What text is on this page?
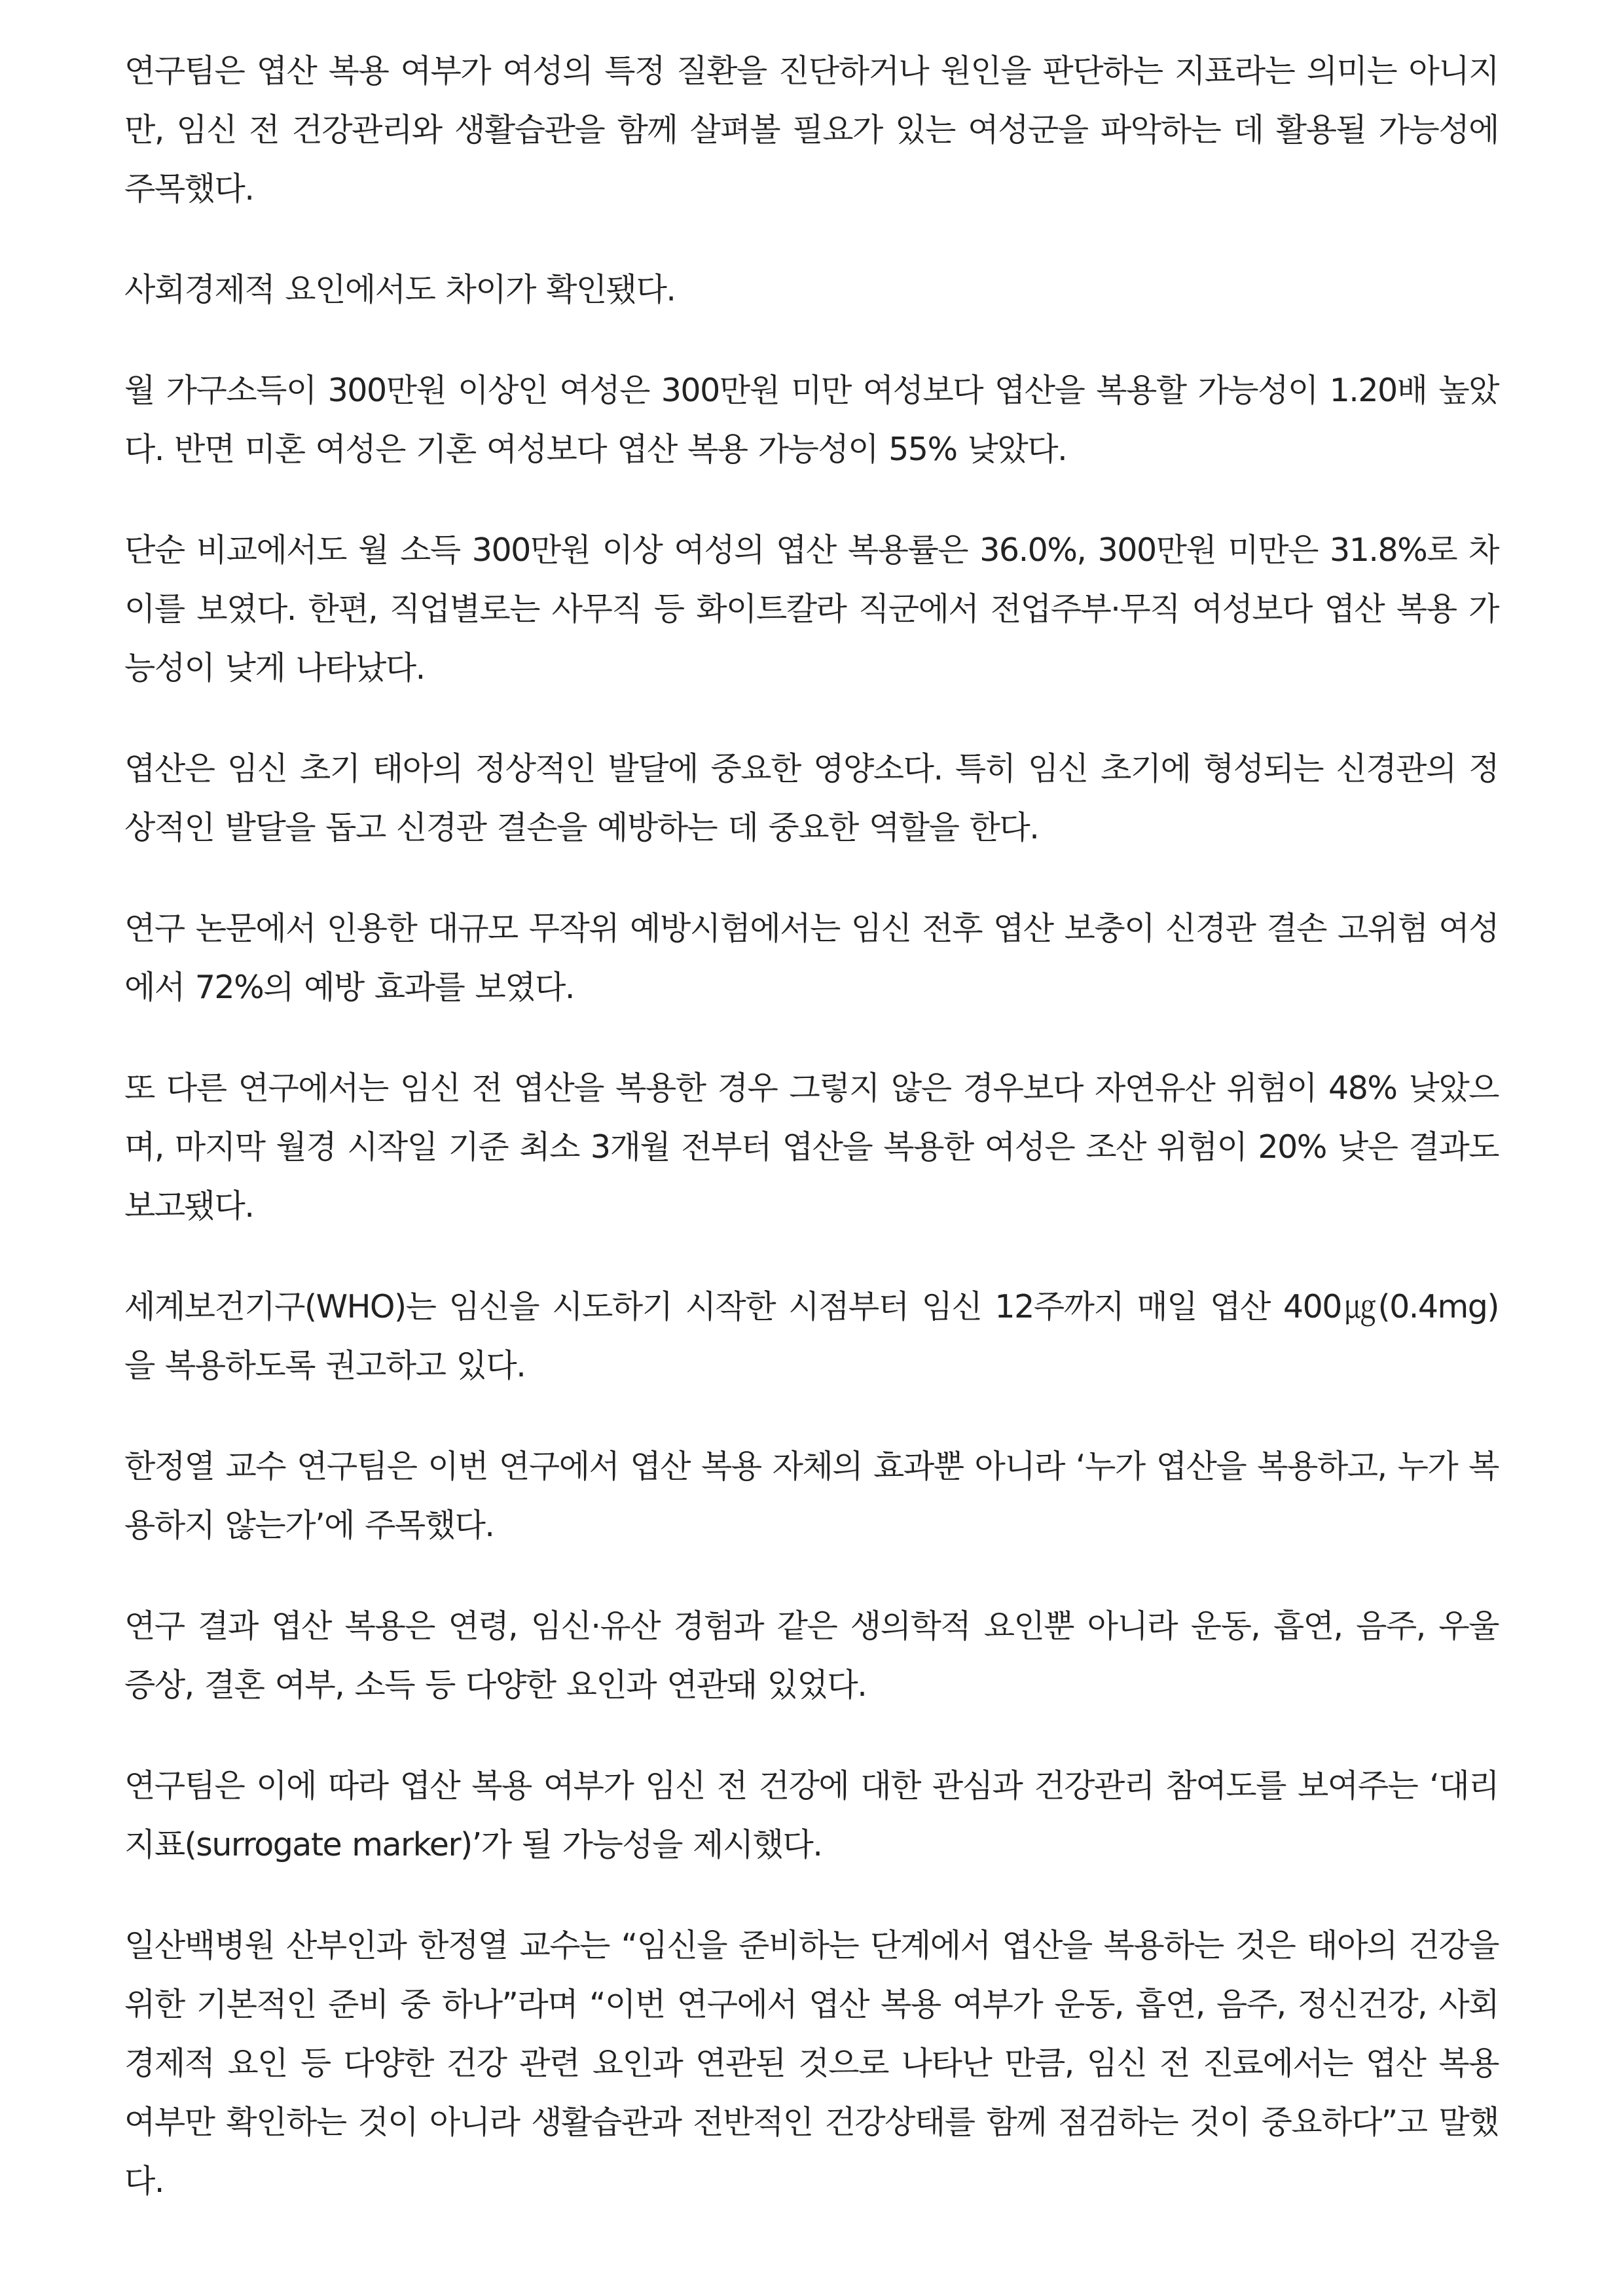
연구팀은 엽산 복용 여부가 여성의 특정 질환을 진단하거나 원인을 판단하는 지표라는 의미는 아니지만, 임신 전 건강관리와 생활습관을 함께 살펴볼 필요가 있는 여성군을 파악하는 데 활용될 가능성에 주목했다.

사회경제적 요인에서도 차이가 확인됐다.

월 가구소득이 300만원 이상인 여성은 300만원 미만 여성보다 엽산을 복용할 가능성이 1.20배 높았다. 반면 미혼 여성은 기혼 여성보다 엽산 복용 가능성이 55% 낮았다.

단순 비교에서도 월 소득 300만원 이상 여성의 엽산 복용률은 36.0%, 300만원 미만은 31.8%로 차이를 보였다. 한편, 직업별로는 사무직 등 화이트칼라 직군에서 전업주부·무직 여성보다 엽산 복용 가능성이 낮게 나타났다.

엽산은 임신 초기 태아의 정상적인 발달에 중요한 영양소다. 특히 임신 초기에 형성되는 신경관의 정상적인 발달을 돕고 신경관 결손을 예방하는 데 중요한 역할을 한다.

연구 논문에서 인용한 대규모 무작위 예방시험에서는 임신 전후 엽산 보충이 신경관 결손 고위험 여성에서 72%의 예방 효과를 보였다.

또 다른 연구에서는 임신 전 엽산을 복용한 경우 그렇지 않은 경우보다 자연유산 위험이 48% 낮았으며, 마지막 월경 시작일 기준 최소 3개월 전부터 엽산을 복용한 여성은 조산 위험이 20% 낮은 결과도 보고됐다.

세계보건기구(WHO)는 임신을 시도하기 시작한 시점부터 임신 12주까지 매일 엽산 400㎍(0.4mg)을 복용하도록 권고하고 있다.

한정열 교수 연구팀은 이번 연구에서 엽산 복용 자체의 효과뿐 아니라 ‘누가 엽산을 복용하고, 누가 복용하지 않는가’에 주목했다.

연구 결과 엽산 복용은 연령, 임신·유산 경험과 같은 생의학적 요인뿐 아니라 운동, 흡연, 음주, 우울 증상, 결혼 여부, 소득 등 다양한 요인과 연관돼 있었다.

연구팀은 이에 따라 엽산 복용 여부가 임신 전 건강에 대한 관심과 건강관리 참여도를 보여주는 ‘대리지표(surrogate marker)’가 될 가능성을 제시했다.

일산백병원 산부인과 한정열 교수는 “임신을 준비하는 단계에서 엽산을 복용하는 것은 태아의 건강을 위한 기본적인 준비 중 하나”라며 “이번 연구에서 엽산 복용 여부가 운동, 흡연, 음주, 정신건강, 사회경제적 요인 등 다양한 건강 관련 요인과 연관된 것으로 나타난 만큼, 임신 전 진료에서는 엽산 복용 여부만 확인하는 것이 아니라 생활습관과 전반적인 건강상태를 함께 점검하는 것이 중요하다”고 말했다.
